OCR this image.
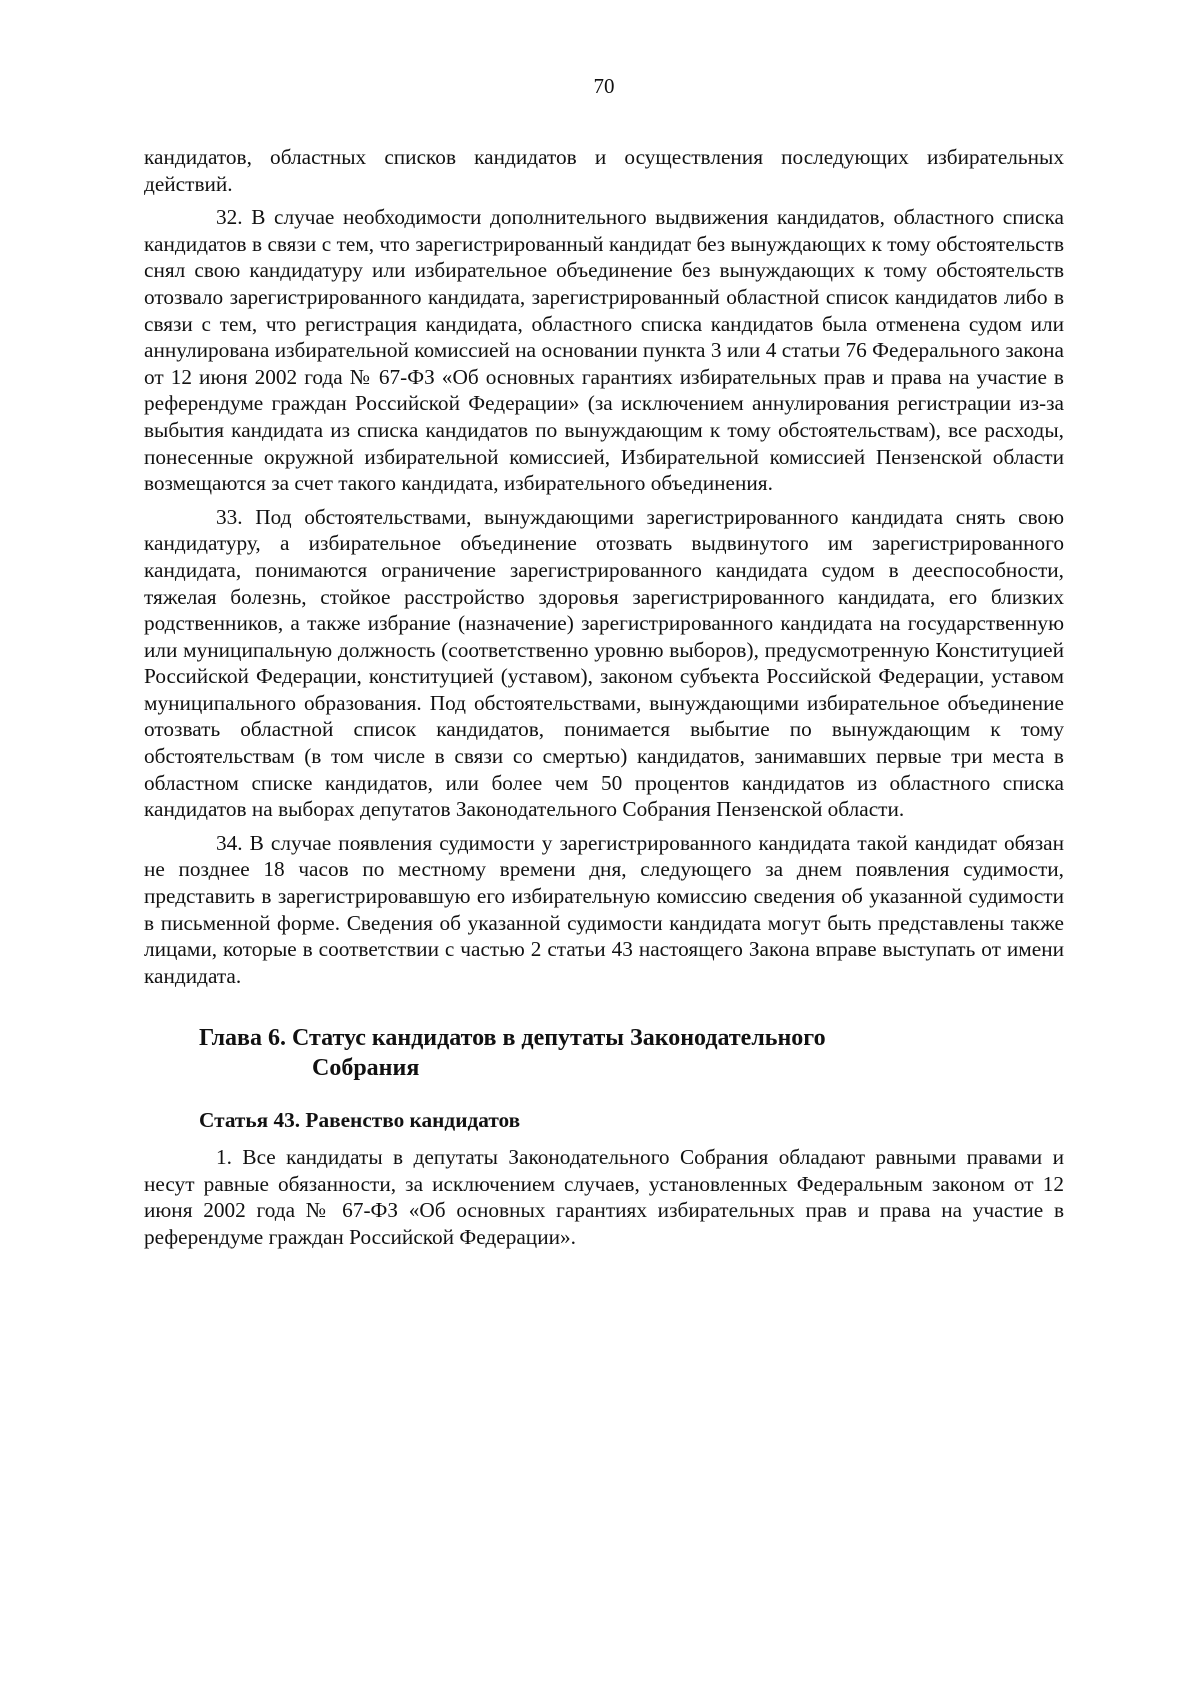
70

кандидатов, областных списков кандидатов и осуществления последующих избирательных действий.

32. В случае необходимости дополнительного выдвижения кандидатов, областного списка кандидатов в связи с тем, что зарегистрированный кандидат без вынуждающих к тому обстоятельств снял свою кандидатуру или избирательное объединение без вынуждающих к тому обстоятельств отозвало зарегистрированного кандидата, зарегистрированный областной список кандидатов либо в связи с тем, что регистрация кандидата, областного списка кандидатов была отменена судом или аннулирована избирательной комиссией на основании пункта 3 или 4 статьи 76 Федерального закона от 12 июня 2002 года № 67-ФЗ «Об основных гарантиях избирательных прав и права на участие в референдуме граждан Российской Федерации» (за исключением аннулирования регистрации из-за выбытия кандидата из списка кандидатов по вынуждающим к тому обстоятельствам), все расходы, понесенные окружной избирательной комиссией, Избирательной комиссией Пензенской области возмещаются за счет такого кандидата, избирательного объединения.

33. Под обстоятельствами, вынуждающими зарегистрированного кандидата снять свою кандидатуру, а избирательное объединение отозвать выдвинутого им зарегистрированного кандидата, понимаются ограничение зарегистрированного кандидата судом в дееспособности, тяжелая болезнь, стойкое расстройство здоровья зарегистрированного кандидата, его близких родственников, а также избрание (назначение) зарегистрированного кандидата на государственную или муниципальную должность (соответственно уровню выборов), предусмотренную Конституцией Российской Федерации, конституцией (уставом), законом субъекта Российской Федерации, уставом муниципального образования. Под обстоятельствами, вынуждающими избирательное объединение отозвать областной список кандидатов, понимается выбытие по вынуждающим к тому обстоятельствам (в том числе в связи со смертью) кандидатов, занимавших первые три места в областном списке кандидатов, или более чем 50 процентов кандидатов из областного списка кандидатов на выборах депутатов Законодательного Собрания Пензенской области.

34. В случае появления судимости у зарегистрированного кандидата такой кандидат обязан не позднее 18 часов по местному времени дня, следующего за днем появления судимости, представить в зарегистрировавшую его избирательную комиссию сведения об указанной судимости в письменной форме. Сведения об указанной судимости кандидата могут быть представлены также лицами, которые в соответствии с частью 2 статьи 43 настоящего Закона вправе выступать от имени кандидата.

Глава 6. Статус кандидатов в депутаты Законодательного
Собрания
Статья 43. Равенство кандидатов

1. Все кандидаты в депутаты Законодательного Собрания обладают равными правами и несут равные обязанности, за исключением случаев, установленных Федеральным законом от 12 июня 2002 года № 67-ФЗ «Об основных гарантиях избирательных прав и права на участие в референдуме граждан Российской Федерации».
